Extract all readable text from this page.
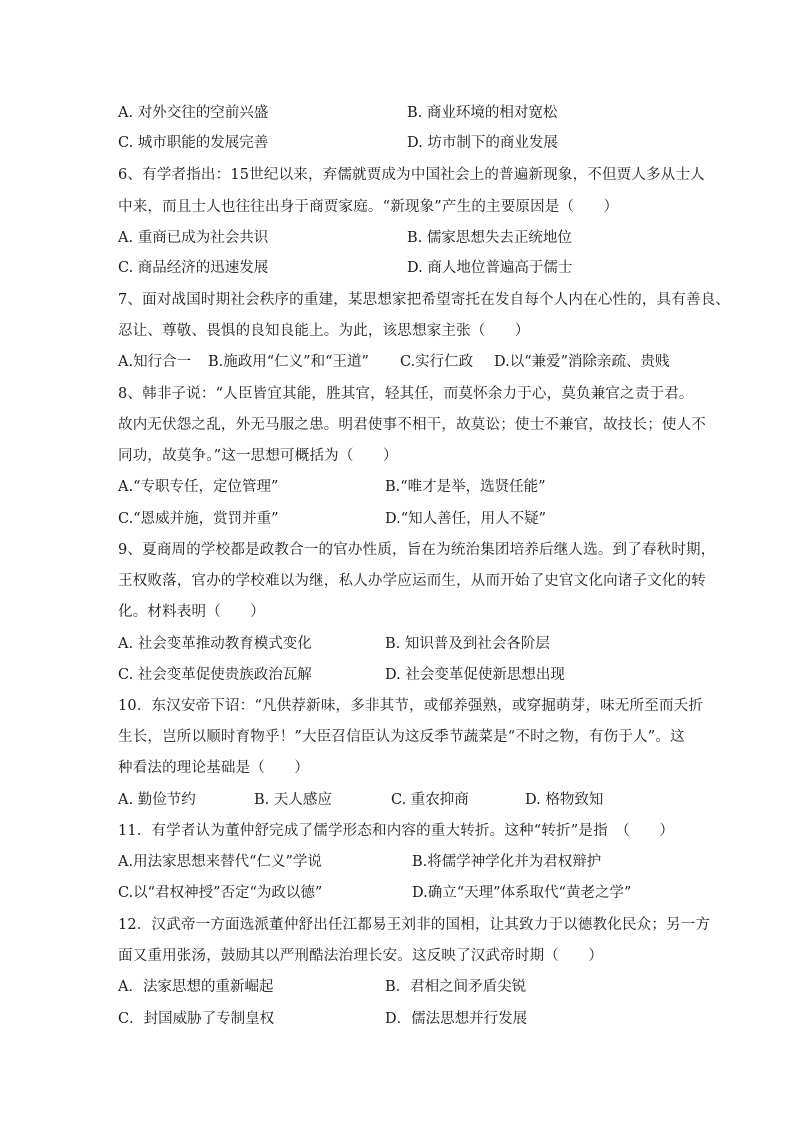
A. 对外交往的空前兴盛	B. 商业环境的相对宽松
C. 城市职能的发展完善	D. 坊市制下的商业发展
6、有学者指出：15世纪以来，弃儒就贾成为中国社会上的普遍新现象，不但贾人多从士人
中来，而且士人也往往出身于商贾家庭。“新现象”产生的主要原因是（　　）
A. 重商已成为社会共识	B. 儒家思想失去正统地位
C. 商品经济的迅速发展	D. 商人地位普遍高于儒士
7、面对战国时期社会秩序的重建，某思想家把希望寄托在发自每个人内在心性的，具有善良、
忍让、尊敬、畏惧的良知良能上。为此，该思想家主张（　　）
A.知行合一 B.施政用“仁义”和“王道” C.实行仁政 D.以“兼爱”消除亲疏、贵贱
8、韩非子说：“人臣皆宜其能，胜其官，轻其任，而莫怀余力于心，莫负兼官之责于君。
故内无伏怨之乱，外无马服之患。明君使事不相干，故莫讼；使士不兼官，故技长；使人不
同功，故莫争。”这一思想可概括为（　　）
A.“专职专任，定位管理”	B.“唯才是举，选贤任能”
C.“恩威并施，赏罚并重”	D.“知人善任，用人不疑”
9、夏商周的学校都是政教合一的官办性质，旨在为统治集团培养后继人选。到了春秋时期，
王权败落，官办的学校难以为继，私人办学应运而生，从而开始了史官文化向诸子文化的转
化。材料表明（　　）
A. 社会变革推动教育模式变化	B. 知识普及到社会各阶层
C. 社会变革促使贵族政治瓦解	D. 社会变革促使新思想出现
10．东汉安帝下诏：“凡供荐新味，多非其节，或郁养强熟，或穿掘萌芽，味无所至而夭折
生长，岂所以顺时育物乎！”大臣召信臣认为这反季节蔬菜是“不时之物，有伤于人”。这
种看法的理论基础是（　　）
A. 勤俭节约	B. 天人感应	C. 重农抑商	D. 格物致知
11．有学者认为董仲舒完成了儒学形态和内容的重大转折。这种“转折”是指　（　　）
A.用法家思想来替代“仁义”学说	B.将儒学神学化并为君权辩护
C.以“君权神授”否定“为政以德”	D.确立“天理”体系取代“黄老之学”
12．汉武帝一方面选派董仲舒出任江都易王刘非的国相，让其致力于以德教化民众；另一方
面又重用张汤，鼓励其以严刑酷法治理长安。这反映了汉武帝时期（　　）
A．法家思想的重新崛起	B．君相之间矛盾尖锐
C．封国威胁了专制皇权	D．儒法思想并行发展
